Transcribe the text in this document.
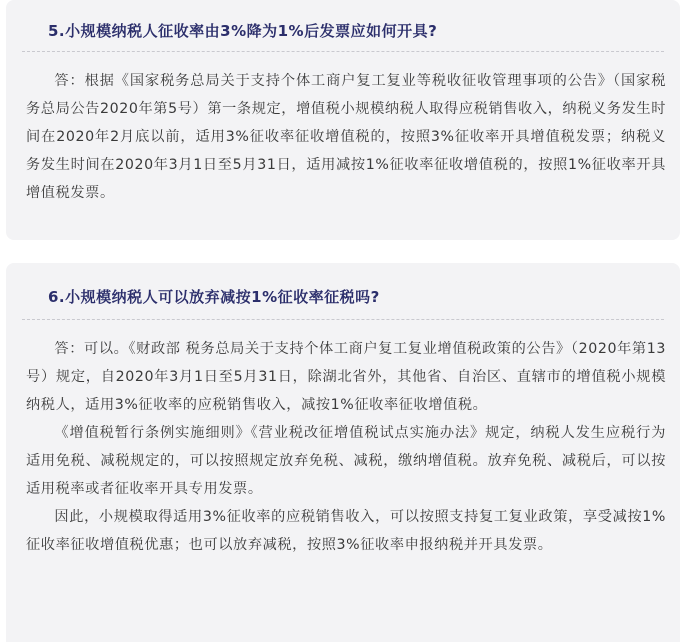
5.小规模纳税人征收率由3%降为1%后发票应如何开具?

答：根据《国家税务总局关于支持个体工商户复工复业等税收征收管理事项的公告》（国家税务总局公告2020年第5号）第一条规定，增值税小规模纳税人取得应税销售收入，纳税义务发生时间在2020年2月底以前，适用3%征收率征收增值税的，按照3%征收率开具增值税发票；纳税义务发生时间在2020年3月1日至5月31日，适用减按1%征收率征收增值税的，按照1%征收率开具增值税发票。

6.小规模纳税人可以放弃减按1%征收率征税吗?

答：可以。《财政部 税务总局关于支持个体工商户复工复业增值税政策的公告》（2020年第13号）规定，自2020年3月1日至5月31日，除湖北省外，其他省、自治区、直辖市的增值税小规模纳税人，适用3%征收率的应税销售收入，减按1%征收率征收增值税。

《增值税暂行条例实施细则》《营业税改征增值税试点实施办法》规定，纳税人发生应税行为适用免税、减税规定的，可以按照规定放弃免税、减税，缴纳增值税。放弃免税、减税后，可以按适用税率或者征收率开具专用发票。

因此，小规模取得适用3%征收率的应税销售收入，可以按照支持复工复业政策，享受减按1%征收率征收增值税优惠；也可以放弃减税，按照3%征收率申报纳税并开具发票。
